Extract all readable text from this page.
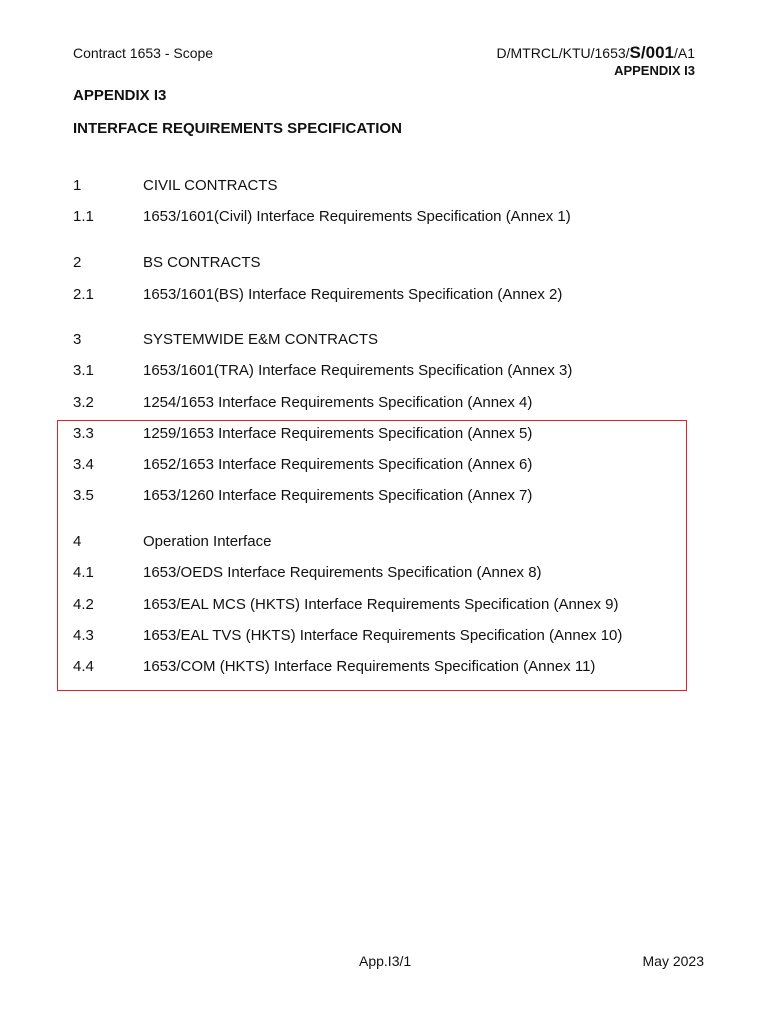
Contract 1653 - Scope	D/MTRCL/KTU/1653/S/001/A1
APPENDIX I3
APPENDIX I3
INTERFACE REQUIREMENTS SPECIFICATION
1	CIVIL CONTRACTS
1.1	1653/1601(Civil) Interface Requirements Specification (Annex 1)
2	BS CONTRACTS
2.1	1653/1601(BS) Interface Requirements Specification (Annex 2)
3	SYSTEMWIDE E&M CONTRACTS
3.1	1653/1601(TRA) Interface Requirements Specification (Annex 3)
3.2	1254/1653 Interface Requirements Specification (Annex 4)
3.3	1259/1653 Interface Requirements Specification (Annex 5)
3.4	1652/1653 Interface Requirements Specification (Annex 6)
3.5	1653/1260 Interface Requirements Specification (Annex 7)
4	Operation Interface
4.1	1653/OEDS Interface Requirements Specification (Annex 8)
4.2	1653/EAL MCS (HKTS) Interface Requirements Specification (Annex 9)
4.3	1653/EAL TVS (HKTS) Interface Requirements Specification (Annex 10)
4.4	1653/COM (HKTS) Interface Requirements Specification (Annex 11)
App.I3/1	May 2023
